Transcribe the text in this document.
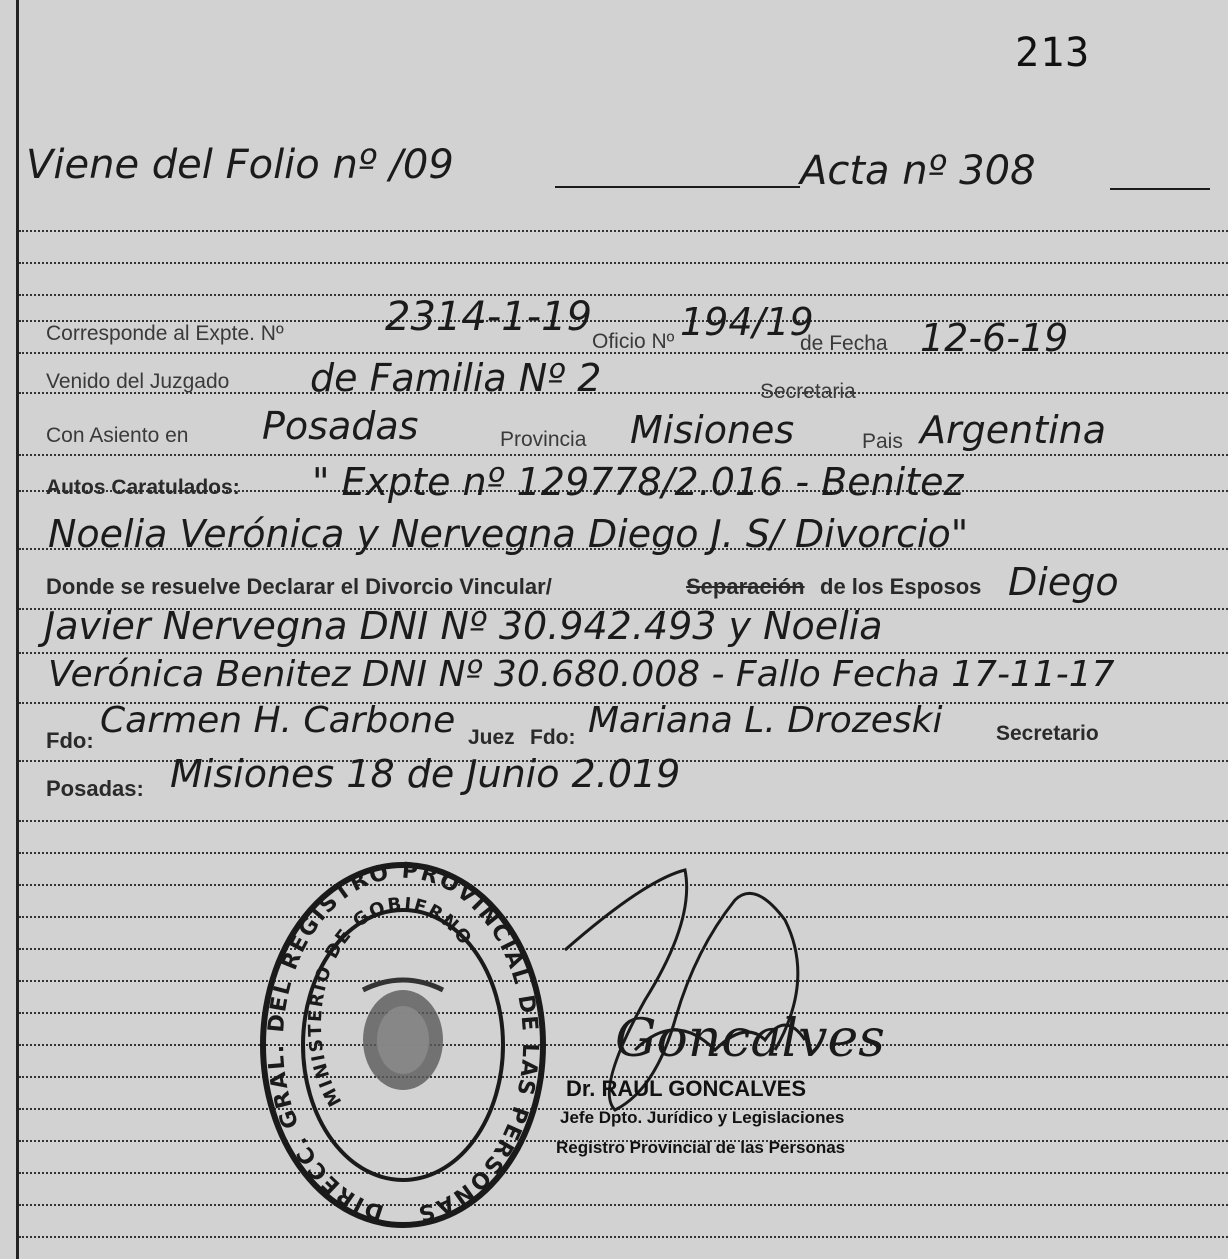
213
Viene del Folio nº /09	Acta nº 308
Corresponde al Expte. Nº	2314-1-19
Oficio Nº 194/19
de Fecha 12-6-19
Venido del Juzgado de Familia Nº 2	Secretaria
Con Asiento en Posadas	Provincia Misiones	Pais Argentina
Autos Caratulados: " Expte nº 129778/2.016 - Benitez
Noelia Verónica y Nervegna Diego J. S/ Divorcio"
Donde se resuelve Declarar el Divorcio Vincular/	Separación de los Esposos Diego
Javier Nervegna DNI Nº 30.942.493 y Noelia
Verónica Benitez DNI Nº 30.680.008 - Fallo Fecha 17-11-17
Fdo: Carmen H. Carbone Juez Fdo: Mariana L. Drozeski	Secretario
Posadas: Misiones 18 de Junio 2.019
DIRECC. GRAL. DEL REGISTRO PROVINCIAL DE LAS PERSONAS
MINISTERIO DE GOBIERNO
Goncalves
Dr. RAUL GONCALVES
Jefe Dpto. Jurídico y Legislaciones
Registro Provincial de las Personas
